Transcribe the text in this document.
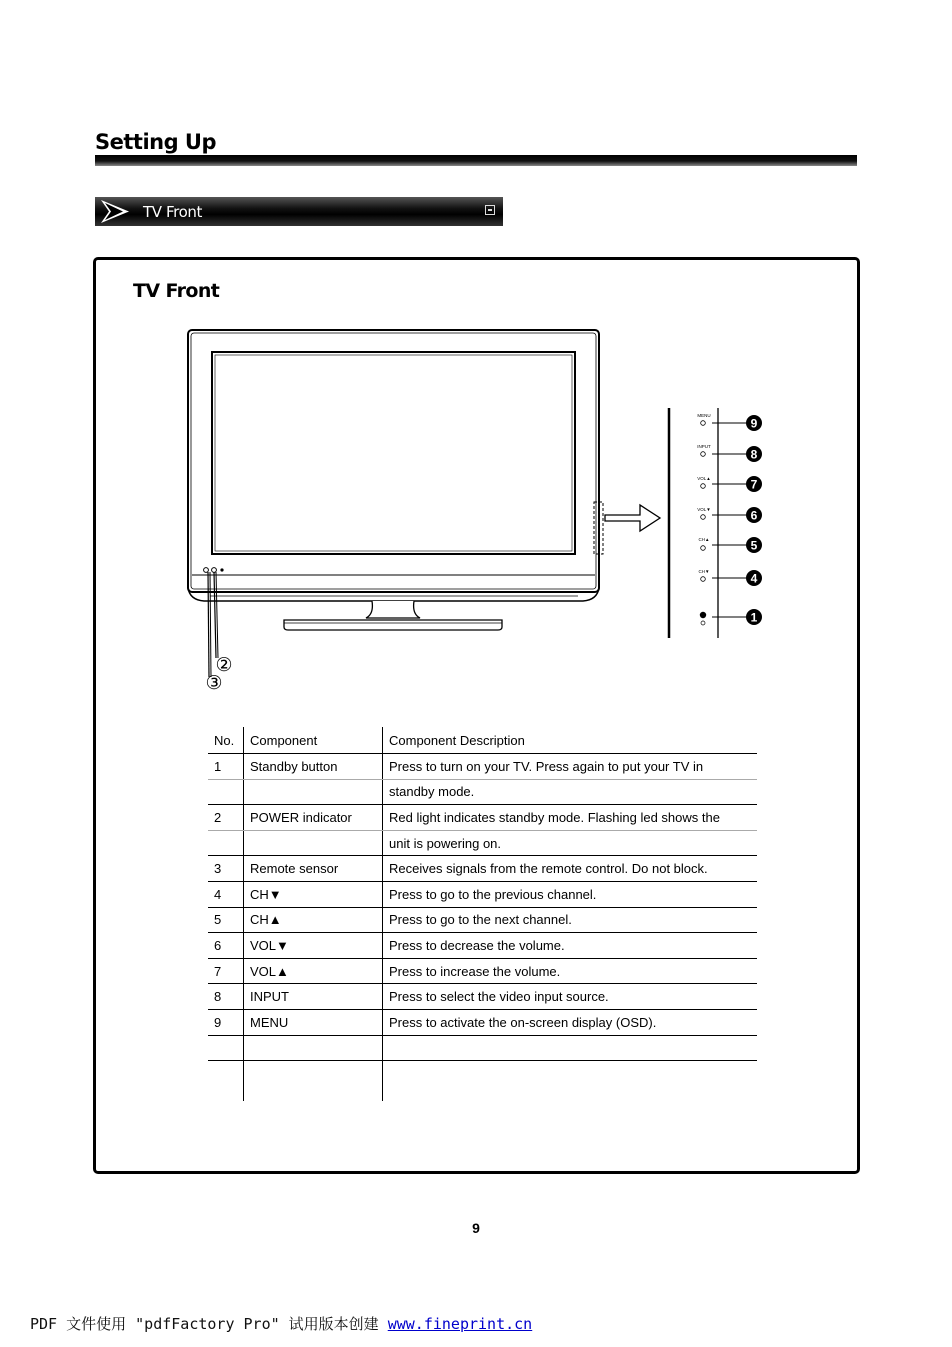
Setting Up
TV Front
TV Front
MENU
9
INPUT
8
VOL▲	7
VOL▼	6
CH▲	5
CH▼	4
1
②
③
No.	Component	Component Description
1	Standby button	Press to turn on your TV. Press again to put your TV in
		standby mode.
2	POWER indicator	Red light indicates standby mode. Flashing led shows the
		unit is powering on.
3	Remote sensor	Receives signals from the remote control. Do not block.
4	CH▼	Press to go to the previous channel.
5	CH▲	Press to go to the next channel.
6	VOL▼	Press to decrease the volume.
7	VOL▲	Press to increase the volume.
8	INPUT	Press to select the video input source.
9	MENU	Press to activate the on-screen display (OSD).

9
PDF 文件使用 "pdfFactory Pro" 试用版本创建 www.fineprint.cn
